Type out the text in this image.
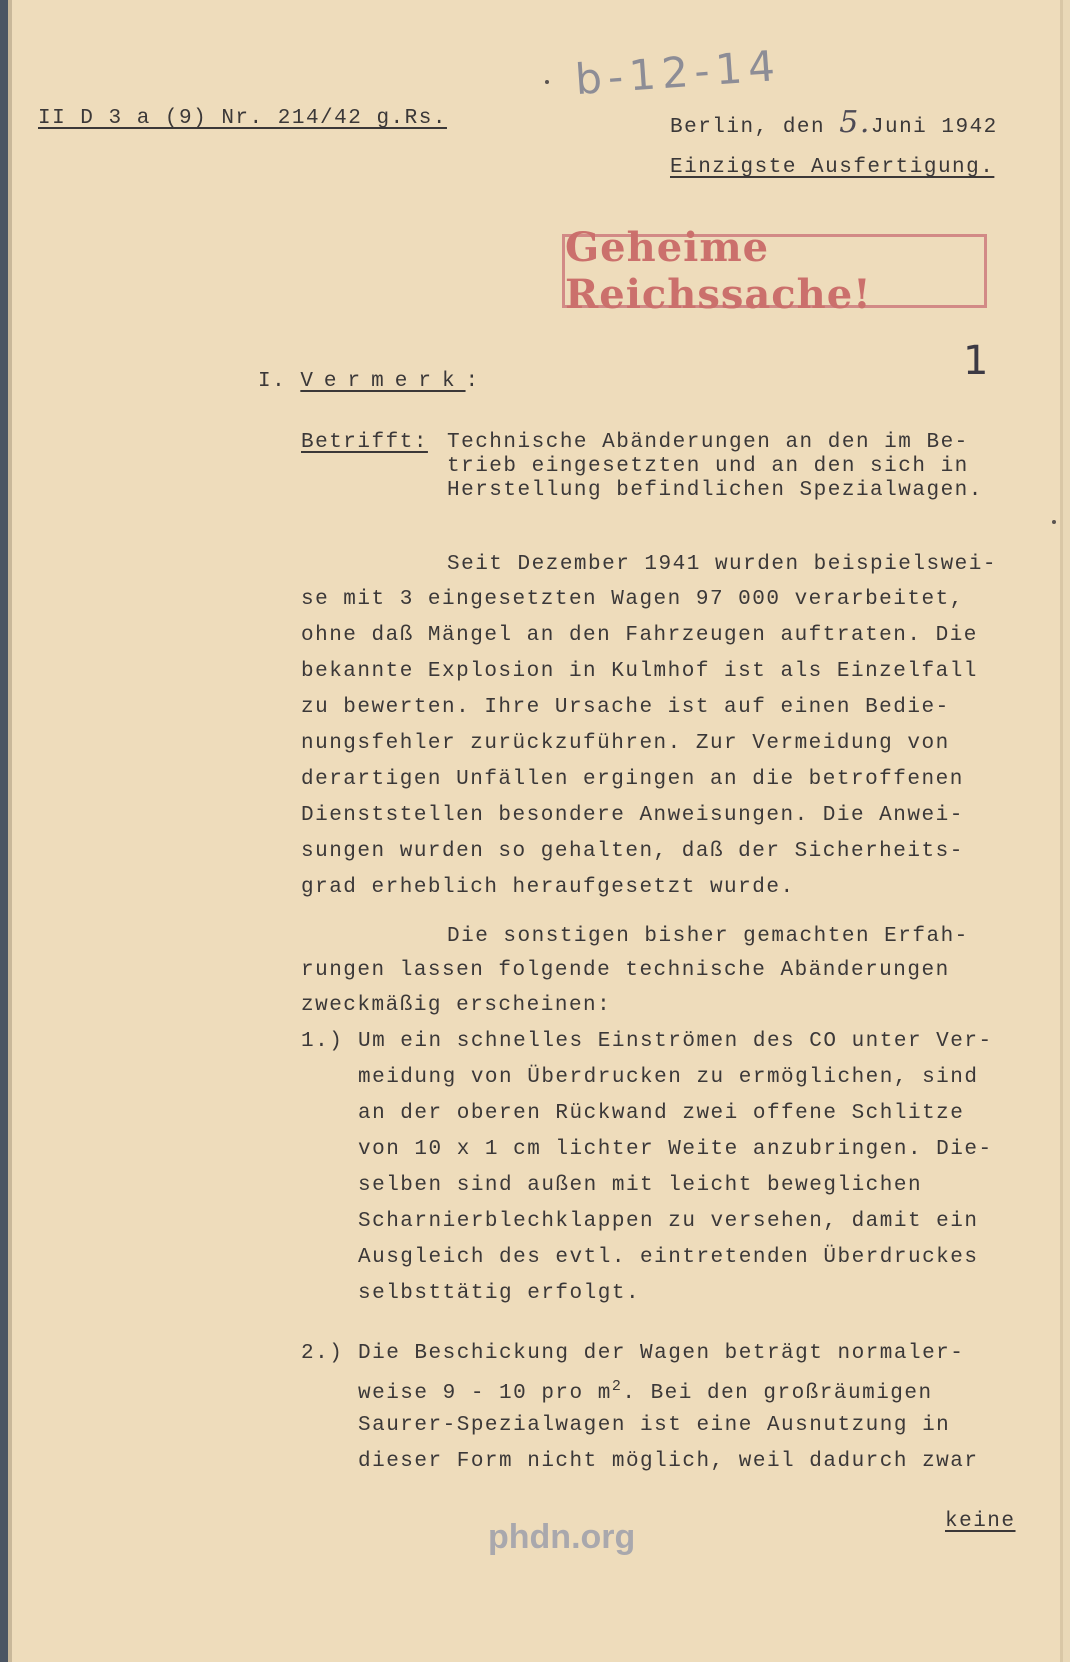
II D 3 a (9) Nr. 214/42 g.Rs.
b-12-14
Berlin, den 5.Juni 1942
Einzigste Ausfertigung.
Geheime Reichssache!
1
I. Vermerk:
Betrifft: Technische Abänderungen an den im Be-
trieb eingesetzten und an den sich in
Herstellung befindlichen Spezialwagen.
Seit Dezember 1941 wurden beispielswei-
se mit 3 eingesetzten Wagen 97 000 verarbeitet,
ohne daß Mängel an den Fahrzeugen auftraten. Die
bekannte Explosion in Kulmhof ist als Einzelfall
zu bewerten. Ihre Ursache ist auf einen Bedie-
nungsfehler zurückzuführen. Zur Vermeidung von
derartigen Unfällen ergingen an die betroffenen
Dienststellen besondere Anweisungen. Die Anwei-
sungen wurden so gehalten, daß der Sicherheits-
grad erheblich heraufgesetzt wurde.
Die sonstigen bisher gemachten Erfah-
rungen lassen folgende technische Abänderungen
zweckmäßig erscheinen:
1.) Um ein schnelles Einströmen des CO unter Ver-
meidung von Überdrucken zu ermöglichen, sind
an der oberen Rückwand zwei offene Schlitze
von 10 x 1 cm lichter Weite anzubringen. Die-
selben sind außen mit leicht beweglichen
Scharnierblechklappen zu versehen, damit ein
Ausgleich des evtl. eintretenden Überdruckes
selbsttätig erfolgt.
2.) Die Beschickung der Wagen beträgt normaler-
weise 9 - 10 pro $m^2$. Bei den großräumigen
Saurer-Spezialwagen ist eine Ausnutzung in
dieser Form nicht möglich, weil dadurch zwar
keine
phdn.org
